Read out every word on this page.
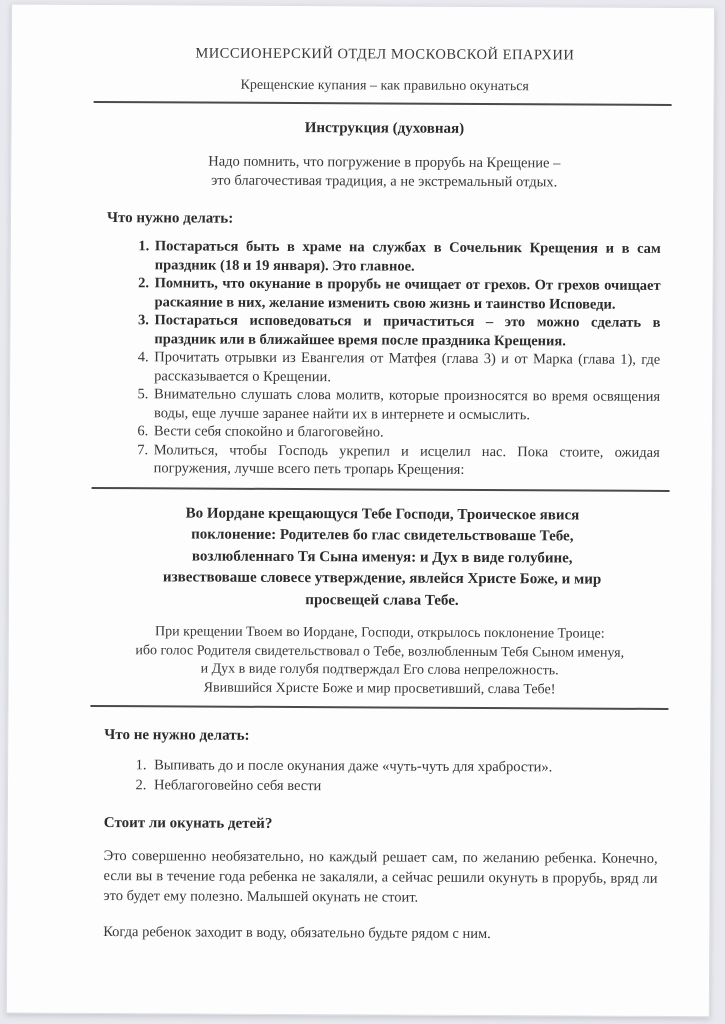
МИССИОНЕРСКИЙ ОТДЕЛ МОСКОВСКОЙ ЕПАРХИИ

Крещенские купания – как правильно окунаться

Инструкция (духовная)

Надо помнить, что погружение в прорубь на Крещение –
это благочестивая традиция, а не экстремальный отдых.

Что нужно делать:
1. Постараться быть в храме на службах в Сочельник Крещения и в сам праздник (18 и 19 января). Это главное.
2. Помнить, что окунание в прорубь не очищает от грехов. От грехов очищает раскаяние в них, желание изменить свою жизнь и таинство Исповеди.
3. Постараться исповедоваться и причаститься – это можно сделать в праздник или в ближайшее время после праздника Крещения.
4. Прочитать отрывки из Евангелия от Матфея (глава 3) и от Марка (глава 1), где рассказывается о Крещении.
5. Внимательно слушать слова молитв, которые произносятся во время освящения воды, еще лучше заранее найти их в интернете и осмыслить.
6. Вести себя спокойно и благоговейно.
7. Молиться, чтобы Господь укрепил и исцелил нас. Пока стоите, ожидая погружения, лучше всего петь тропарь Крещения:

Во Иордане крещающуся Тебе Господи, Троическое явися
поклонение: Родителев бо глас свидетельствоваше Тебе,
возлюбленнаго Тя Сына именуя: и Дух в виде голубине,
извествоваше словесе утверждение, явлейся Христе Боже, и мир
просвещей слава Тебе.

При крещении Твоем во Иордане, Господи, открылось поклонение Троице:
ибо голос Родителя свидетельствовал о Тебе, возлюбленным Тебя Сыном именуя,
и Дух в виде голубя подтверждал Его слова непреложность.
Явившийся Христе Боже и мир просветивший, слава Тебе!

Что не нужно делать:
1. Выпивать до и после окунания даже «чуть-чуть для храбрости».
2. Неблагоговейно себя вести
Стоит ли окунать детей?

Это совершенно необязательно, но каждый решает сам, по желанию ребенка. Конечно, если вы в течение года ребенка не закаляли, а сейчас решили окунуть в прорубь, вряд ли это будет ему полезно. Малышей окунать не стоит.

Когда ребенок заходит в воду, обязательно будьте рядом с ним.
